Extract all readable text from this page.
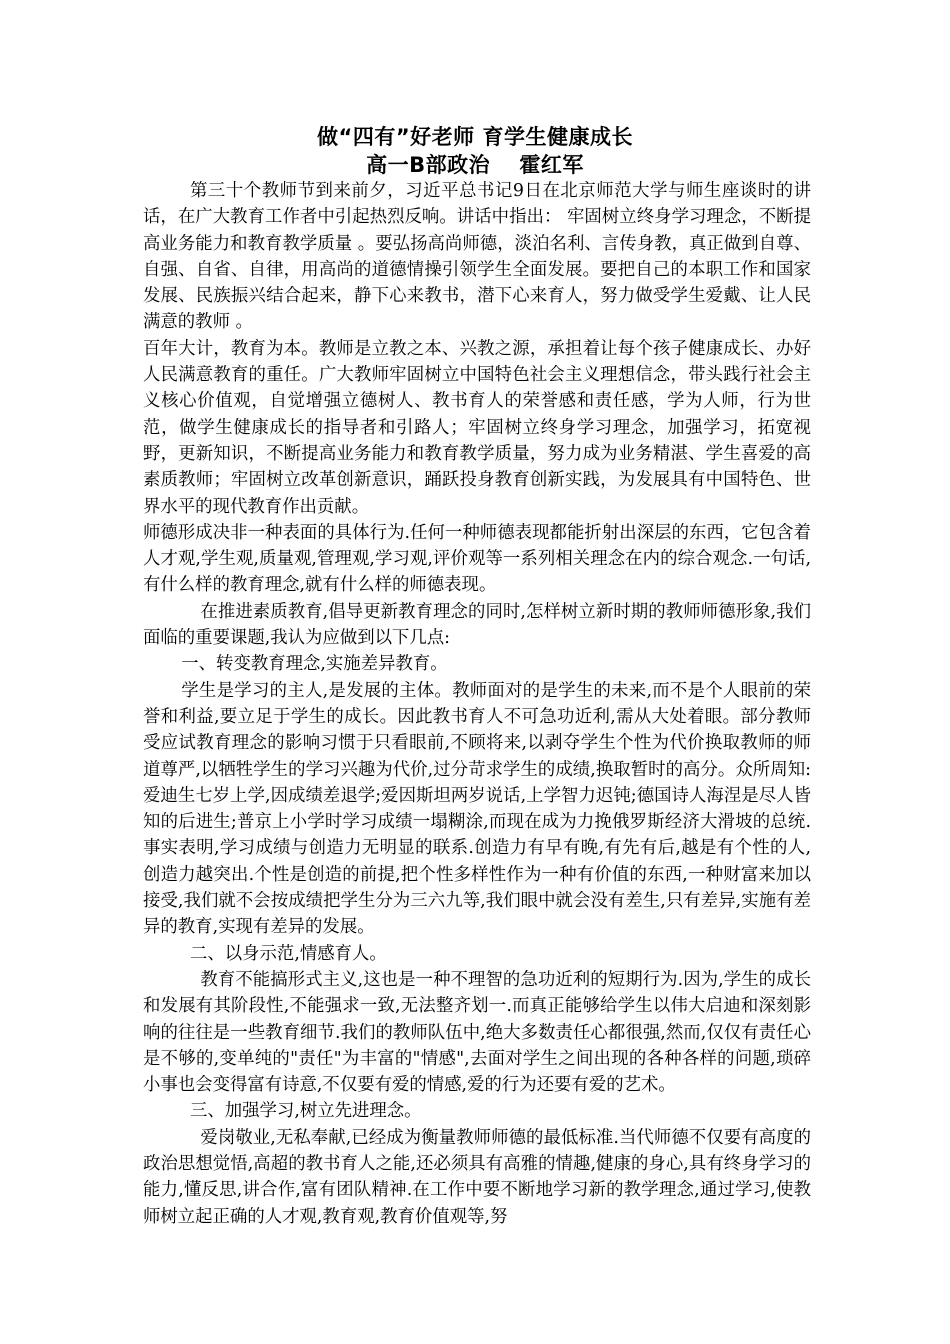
做“四有”好老师 育学生健康成长
高一B部政治　 霍红军

第三十个教师节到来前夕，习近平总书记9日在北京师范大学与师生座谈时的讲话，在广大教育工作者中引起热烈反响。讲话中指出： 牢固树立终身学习理念，不断提高业务能力和教育教学质量 。要弘扬高尚师德，淡泊名利、言传身教，真正做到自尊、自强、自省、自律，用高尚的道德情操引领学生全面发展。要把自己的本职工作和国家发展、民族振兴结合起来，静下心来教书，潜下心来育人，努力做受学生爱戴、让人民满意的教师 。

百年大计，教育为本。教师是立教之本、兴教之源，承担着让每个孩子健康成长、办好人民满意教育的重任。广大教师牢固树立中国特色社会主义理想信念，带头践行社会主义核心价值观，自觉增强立德树人、教书育人的荣誉感和责任感，学为人师，行为世范，做学生健康成长的指导者和引路人；牢固树立终身学习理念，加强学习，拓宽视野，更新知识，不断提高业务能力和教育教学质量，努力成为业务精湛、学生喜爱的高素质教师；牢固树立改革创新意识，踊跃投身教育创新实践，为发展具有中国特色、世界水平的现代教育作出贡献。

师德形成决非一种表面的具体行为.任何一种师德表现都能折射出深层的东西，它包含着人才观,学生观,质量观,管理观,学习观,评价观等一系列相关理念在内的综合观念.一句话,有什么样的教育理念,就有什么样的师德表现。

在推进素质教育,倡导更新教育理念的同时,怎样树立新时期的教师师德形象,我们面临的重要课题,我认为应做到以下几点:

一、转变教育理念,实施差异教育。

学生是学习的主人,是发展的主体。教师面对的是学生的未来,而不是个人眼前的荣誉和利益,要立足于学生的成长。因此教书育人不可急功近利,需从大处着眼。部分教师受应试教育理念的影响习惯于只看眼前,不顾将来,以剥夺学生个性为代价换取教师的师道尊严,以牺牲学生的学习兴趣为代价,过分苛求学生的成绩,换取暂时的高分。众所周知:爱迪生七岁上学,因成绩差退学;爱因斯坦两岁说话,上学智力迟钝;德国诗人海涅是尽人皆知的后进生;普京上小学时学习成绩一塌糊涂,而现在成为力挽俄罗斯经济大滑坡的总统.事实表明,学习成绩与创造力无明显的联系.创造力有早有晚,有先有后,越是有个性的人,创造力越突出.个性是创造的前提,把个性多样性作为一种有价值的东西,一种财富来加以接受,我们就不会按成绩把学生分为三六九等,我们眼中就会没有差生,只有差异,实施有差异的教育,实现有差异的发展。

二、以身示范,情感育人。

教育不能搞形式主义,这也是一种不理智的急功近利的短期行为.因为,学生的成长和发展有其阶段性,不能强求一致,无法整齐划一.而真正能够给学生以伟大启迪和深刻影响的往往是一些教育细节.我们的教师队伍中,绝大多数责任心都很强,然而,仅仅有责任心是不够的,变单纯的"责任"为丰富的"情感",去面对学生之间出现的各种各样的问题,琐碎小事也会变得富有诗意,不仅要有爱的情感,爱的行为还要有爱的艺术。

三、加强学习,树立先进理念。

爱岗敬业,无私奉献,已经成为衡量教师师德的最低标准.当代师德不仅要有高度的政治思想觉悟,高超的教书育人之能,还必须具有高雅的情趣,健康的身心,具有终身学习的能力,懂反思,讲合作,富有团队精神.在工作中要不断地学习新的教学理念,通过学习,使教师树立起正确的人才观,教育观,教育价值观等,努
